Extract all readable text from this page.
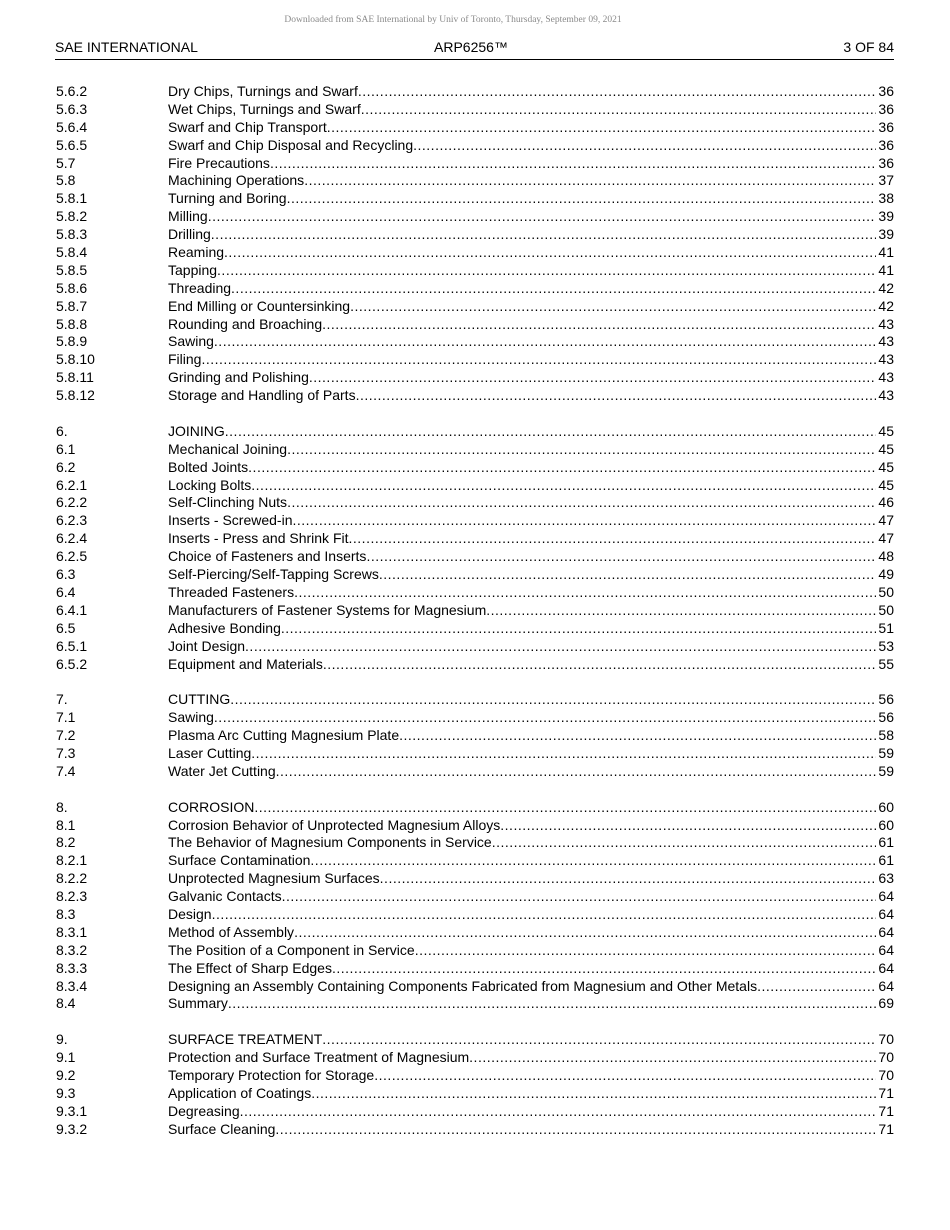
Downloaded from SAE International by Univ of Toronto, Thursday, September 09, 2021
SAE INTERNATIONAL	ARP6256™	3 OF 84
5.6.2	Dry Chips, Turnings and Swarf .....	36
5.6.3	Wet Chips, Turnings and Swarf .....	36
5.6.4	Swarf and Chip Transport .....	36
5.6.5	Swarf and Chip Disposal and Recycling .....	36
5.7	Fire Precautions .....	36
5.8	Machining Operations .....	37
5.8.1	Turning and Boring .....	38
5.8.2	Milling .....	39
5.8.3	Drilling .....	39
5.8.4	Reaming .....	41
5.8.5	Tapping .....	41
5.8.6	Threading .....	42
5.8.7	End Milling or Countersinking .....	42
5.8.8	Rounding and Broaching .....	43
5.8.9	Sawing .....	43
5.8.10	Filing .....	43
5.8.11	Grinding and Polishing .....	43
5.8.12	Storage and Handling of Parts .....	43
6.	JOINING .....	45
6.1	Mechanical Joining .....	45
6.2	Bolted Joints .....	45
6.2.1	Locking Bolts .....	45
6.2.2	Self-Clinching Nuts .....	46
6.2.3	Inserts - Screwed-in .....	47
6.2.4	Inserts - Press and Shrink Fit .....	47
6.2.5	Choice of Fasteners and Inserts .....	48
6.3	Self-Piercing/Self-Tapping Screws .....	49
6.4	Threaded Fasteners .....	50
6.4.1	Manufacturers of Fastener Systems for Magnesium .....	50
6.5	Adhesive Bonding .....	51
6.5.1	Joint Design .....	53
6.5.2	Equipment and Materials .....	55
7.	CUTTING .....	56
7.1	Sawing .....	56
7.2	Plasma Arc Cutting Magnesium Plate .....	58
7.3	Laser Cutting .....	59
7.4	Water Jet Cutting .....	59
8.	CORROSION .....	60
8.1	Corrosion Behavior of Unprotected Magnesium Alloys .....	60
8.2	The Behavior of Magnesium Components in Service .....	61
8.2.1	Surface Contamination .....	61
8.2.2	Unprotected Magnesium Surfaces .....	63
8.2.3	Galvanic Contacts .....	64
8.3	Design .....	64
8.3.1	Method of Assembly .....	64
8.3.2	The Position of a Component in Service .....	64
8.3.3	The Effect of Sharp Edges .....	64
8.3.4	Designing an Assembly Containing Components Fabricated from Magnesium and Other Metals .....	64
8.4	Summary .....	69
9.	SURFACE TREATMENT .....	70
9.1	Protection and Surface Treatment of Magnesium .....	70
9.2	Temporary Protection for Storage .....	70
9.3	Application of Coatings .....	71
9.3.1	Degreasing .....	71
9.3.2	Surface Cleaning .....	71
